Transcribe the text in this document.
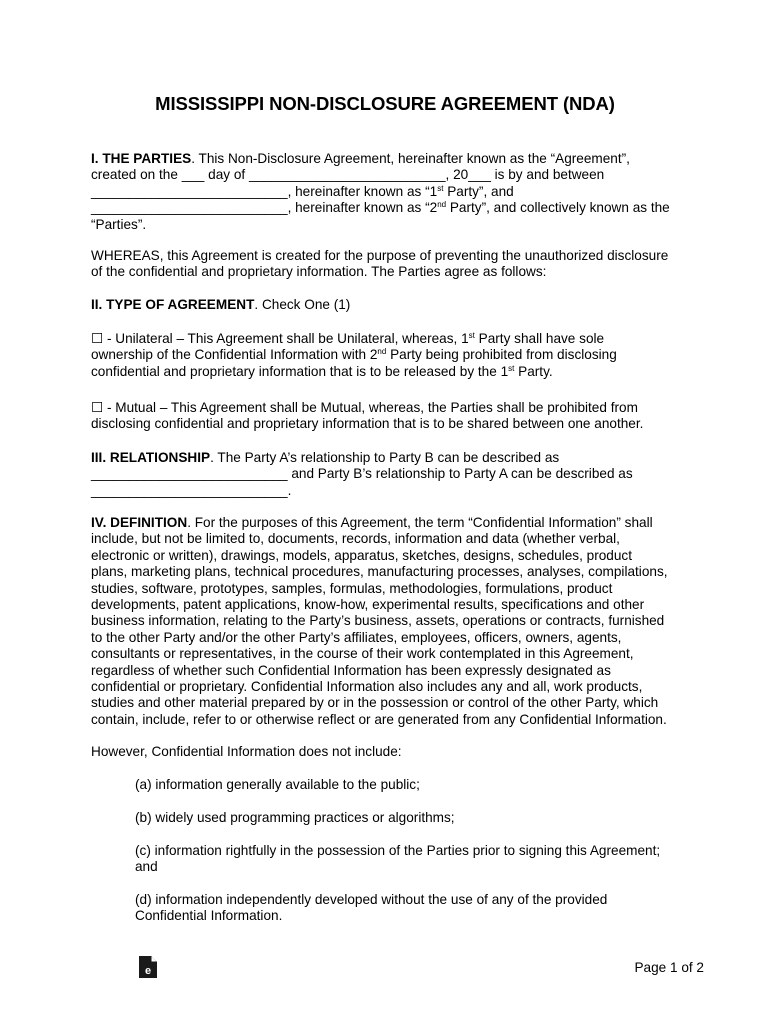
MISSISSIPPI NON-DISCLOSURE AGREEMENT (NDA)
I. THE PARTIES. This Non-Disclosure Agreement, hereinafter known as the “Agreement”,
created on the ___ day of __________________________, 20___ is by and between
__________________________, hereinafter known as “1st Party”, and
__________________________, hereinafter known as “2nd Party”, and collectively known as the
“Parties”.
WHEREAS, this Agreement is created for the purpose of preventing the unauthorized disclosure
of the confidential and proprietary information. The Parties agree as follows:
II. TYPE OF AGREEMENT. Check One (1)
☐ - Unilateral – This Agreement shall be Unilateral, whereas, 1st Party shall have sole
ownership of the Confidential Information with 2nd Party being prohibited from disclosing
confidential and proprietary information that is to be released by the 1st Party.
☐ - Mutual – This Agreement shall be Mutual, whereas, the Parties shall be prohibited from
disclosing confidential and proprietary information that is to be shared between one another.
III. RELATIONSHIP. The Party A’s relationship to Party B can be described as
__________________________ and Party B’s relationship to Party A can be described as
__________________________.
IV. DEFINITION. For the purposes of this Agreement, the term “Confidential Information” shall
include, but not be limited to, documents, records, information and data (whether verbal,
electronic or written), drawings, models, apparatus, sketches, designs, schedules, product
plans, marketing plans, technical procedures, manufacturing processes, analyses, compilations,
studies, software, prototypes, samples, formulas, methodologies, formulations, product
developments, patent applications, know-how, experimental results, specifications and other
business information, relating to the Party’s business, assets, operations or contracts, furnished
to the other Party and/or the other Party’s affiliates, employees, officers, owners, agents,
consultants or representatives, in the course of their work contemplated in this Agreement,
regardless of whether such Confidential Information has been expressly designated as
confidential or proprietary. Confidential Information also includes any and all, work products,
studies and other material prepared by or in the possession or control of the other Party, which
contain, include, refer to or otherwise reflect or are generated from any Confidential Information.
However, Confidential Information does not include:
(a) information generally available to the public;
(b) widely used programming practices or algorithms;
(c) information rightfully in the possession of the Parties prior to signing this Agreement;
and
(d) information independently developed without the use of any of the provided
Confidential Information.
e	Page 1 of 2
